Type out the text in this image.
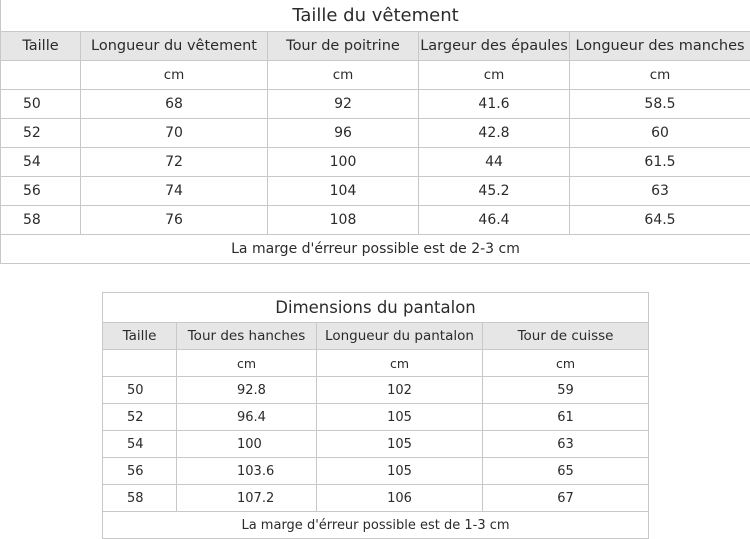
Taille du vêtement				
Taille	Longueur du vêtement	Tour de poitrine	Largeur des épaules	Longueur des manches
	cm	cm	cm	cm
50	68	92	41.6	58.5
52	70	96	42.8	60
54	72	100	44	61.5
56	74	104	45.2	63
58	76	108	46.4	64.5
La marge d'érreur possible est de 2-3 cm				
Dimensions du pantalon			
Taille	Tour des hanches	Longueur du pantalon	Tour de cuisse
	cm	cm	cm
50	92.8	102	59
52	96.4	105	61
54	100	105	63
56	103.6	105	65
58	107.2	106	67
La marge d'érreur possible est de 1-3 cm			
